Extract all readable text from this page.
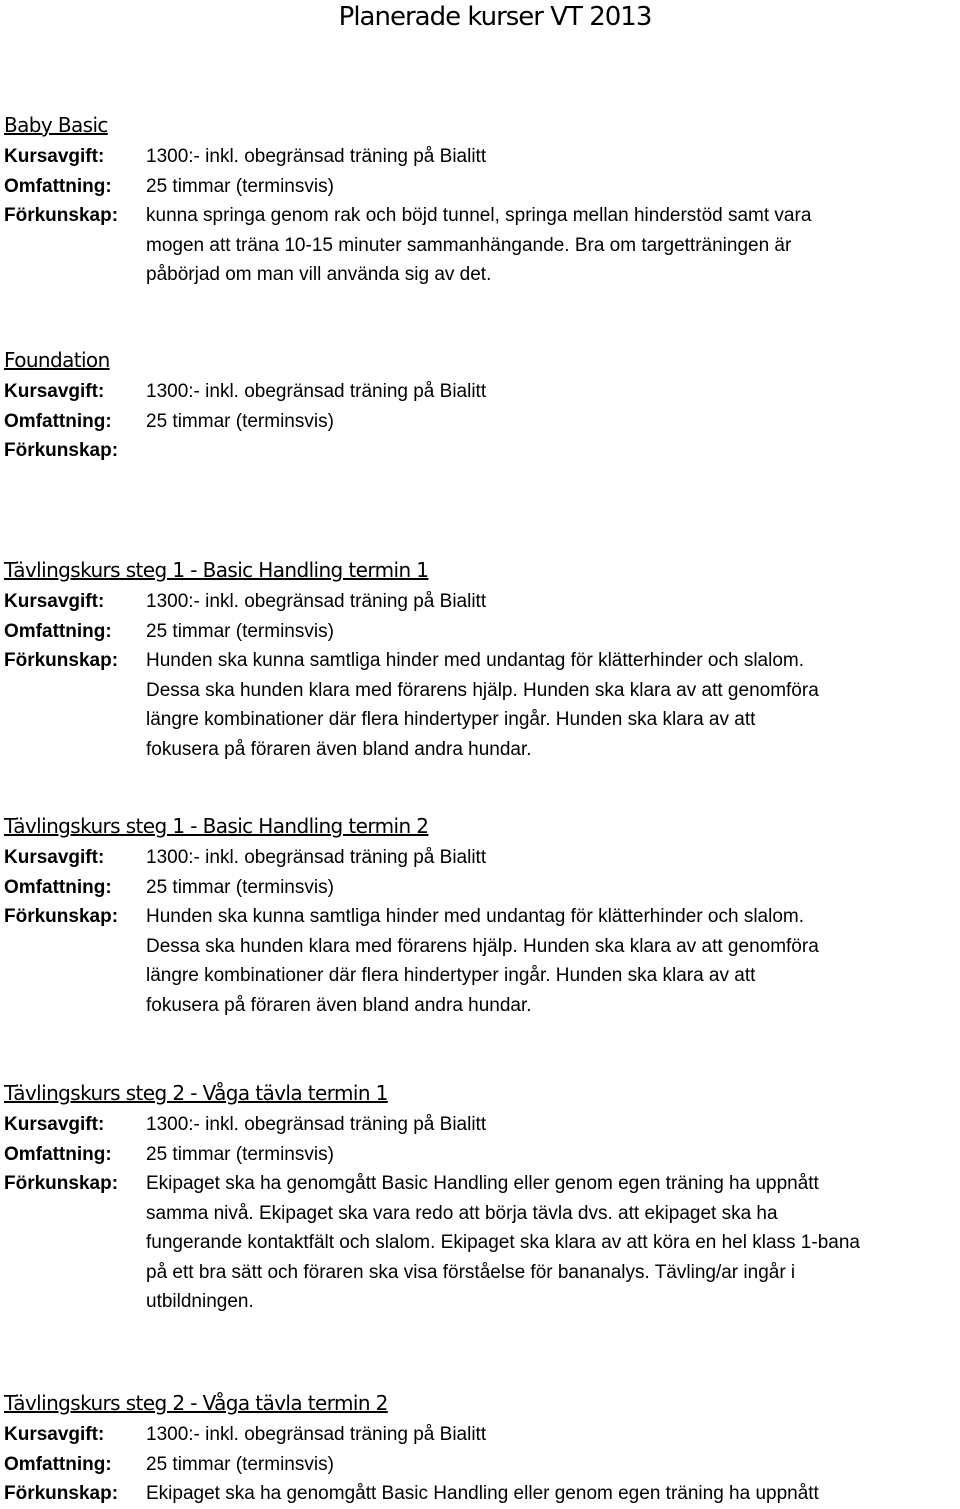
Planerade kurser VT 2013
Baby Basic
Kursavgift:	1300:- inkl. obegränsad träning på Bialitt

Omfattning:	25 timmar (terminsvis)

Förkunskap:	kunna springa genom rak och böjd tunnel, springa mellan hinderstöd samt vara

mogen att träna 10-15 minuter sammanhängande. Bra om targetträningen är

påbörjad om man vill använda sig av det.

Foundation
Kursavgift:	1300:- inkl. obegränsad träning på Bialitt

Omfattning:	25 timmar (terminsvis)

Förkunskap:
Tävlingskurs steg 1 - Basic Handling termin 1
Kursavgift:	1300:- inkl. obegränsad träning på Bialitt

Omfattning:	25 timmar (terminsvis)

Förkunskap:	Hunden ska kunna samtliga hinder med undantag för klätterhinder och slalom.

Dessa ska hunden klara med förarens hjälp. Hunden ska klara av att genomföra

längre kombinationer där flera hindertyper ingår. Hunden ska klara av att

fokusera på föraren även bland andra hundar.

Tävlingskurs steg 1 - Basic Handling termin 2
Kursavgift:	1300:- inkl. obegränsad träning på Bialitt

Omfattning:	25 timmar (terminsvis)

Förkunskap:	Hunden ska kunna samtliga hinder med undantag för klätterhinder och slalom.

Dessa ska hunden klara med förarens hjälp. Hunden ska klara av att genomföra

längre kombinationer där flera hindertyper ingår. Hunden ska klara av att

fokusera på föraren även bland andra hundar.

Tävlingskurs steg 2 - Våga tävla termin 1
Kursavgift:	1300:- inkl. obegränsad träning på Bialitt

Omfattning:	25 timmar (terminsvis)

Förkunskap:	Ekipaget ska ha genomgått Basic Handling eller genom egen träning ha uppnått

samma nivå. Ekipaget ska vara redo att börja tävla dvs. att ekipaget ska ha

fungerande kontaktfält och slalom. Ekipaget ska klara av att köra en hel klass 1-bana

på ett bra sätt och föraren ska visa förståelse för bananalys. Tävling/ar ingår i

utbildningen.

Tävlingskurs steg 2 - Våga tävla termin 2
Kursavgift:	1300:- inkl. obegränsad träning på Bialitt

Omfattning:	25 timmar (terminsvis)

Förkunskap:	Ekipaget ska ha genomgått Basic Handling eller genom egen träning ha uppnått
